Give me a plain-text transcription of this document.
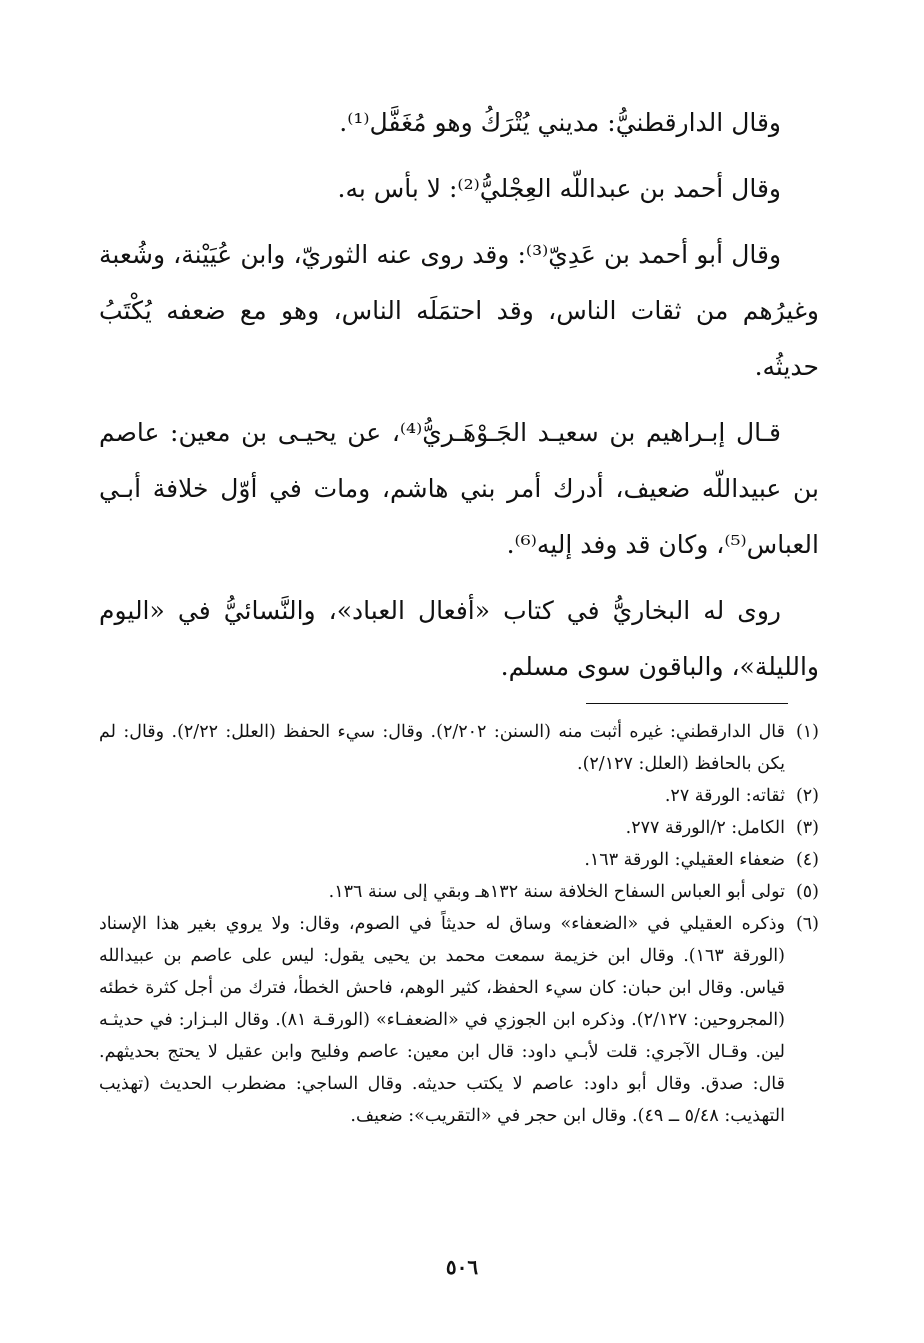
وقال الدارقطنيُّ: مديني يُتْرَكُ وهو مُغَفَّل⁽¹⁾.

وقال أحمد بن عبداللّه العِجْليُّ⁽²⁾: لا بأس به.

وقال أبو أحمد بن عَدِيّ⁽³⁾: وقد روى عنه الثوريّ، وابن عُيَيْنة، وشُعبة وغيرُهم من ثقات الناس، وقد احتمَلَه الناس، وهو مع ضعفه يُكْتَبُ حديثُه.

قـال إبـراهيم بن سعيـد الجَـوْهَـريُّ⁽⁴⁾، عن يحيـى بن معين: عاصم بن عبيداللّه ضعيف، أدرك أمر بني هاشم، ومات في أوّل خلافة أبـي العباس⁽⁵⁾، وكان قد وفد إليه⁽⁶⁾.

روى له البخاريُّ في كتاب «أفعال العباد»، والنَّسائيُّ في «اليوم والليلة»، والباقون سوى مسلم.

(١)
قال الدارقطني: غيره أثبت منه (السنن: ٢/٢٠٢). وقال: سيء الحفظ (العلل: ٢/٢٢). وقال: لم يكن بالحافظ (العلل: ٢/١٢٧).
(٢)
ثقاته: الورقة ٢٧.
(٣)
الكامل: ٢/الورقة ٢٧٧.
(٤)
ضعفاء العقيلي: الورقة ١٦٣.
(٥)
تولى أبو العباس السفاح الخلافة سنة ١٣٢هـ وبقي إلى سنة ١٣٦.
(٦)
وذكره العقيلي في «الضعفاء» وساق له حديثاً في الصوم، وقال: ولا يروي بغير هذا الإسناد (الورقة ١٦٣). وقال ابن خزيمة سمعت محمد بن يحيى يقول: ليس على عاصم بن عبيدالله قياس. وقال ابن حبان: كان سيء الحفظ، كثير الوهم، فاحش الخطأ، فترك من أجل كثرة خطئه (المجروحين: ٢/١٢٧). وذكره ابن الجوزي في «الضعفـاء» (الورقـة ٨١). وقال البـزار: في حديثـه لين. وقـال الآجري: قلت لأبـي داود: قال ابن معين: عاصم وفليح وابن عقيل لا يحتج بحديثهم. قال: صدق. وقال أبو داود: عاصم لا يكتب حديثه. وقال الساجي: مضطرب الحديث (تهذيب التهذيب: ٥/٤٨ ــ ٤٩). وقال ابن حجر في «التقريب»: ضعيف.
٥٠٦
